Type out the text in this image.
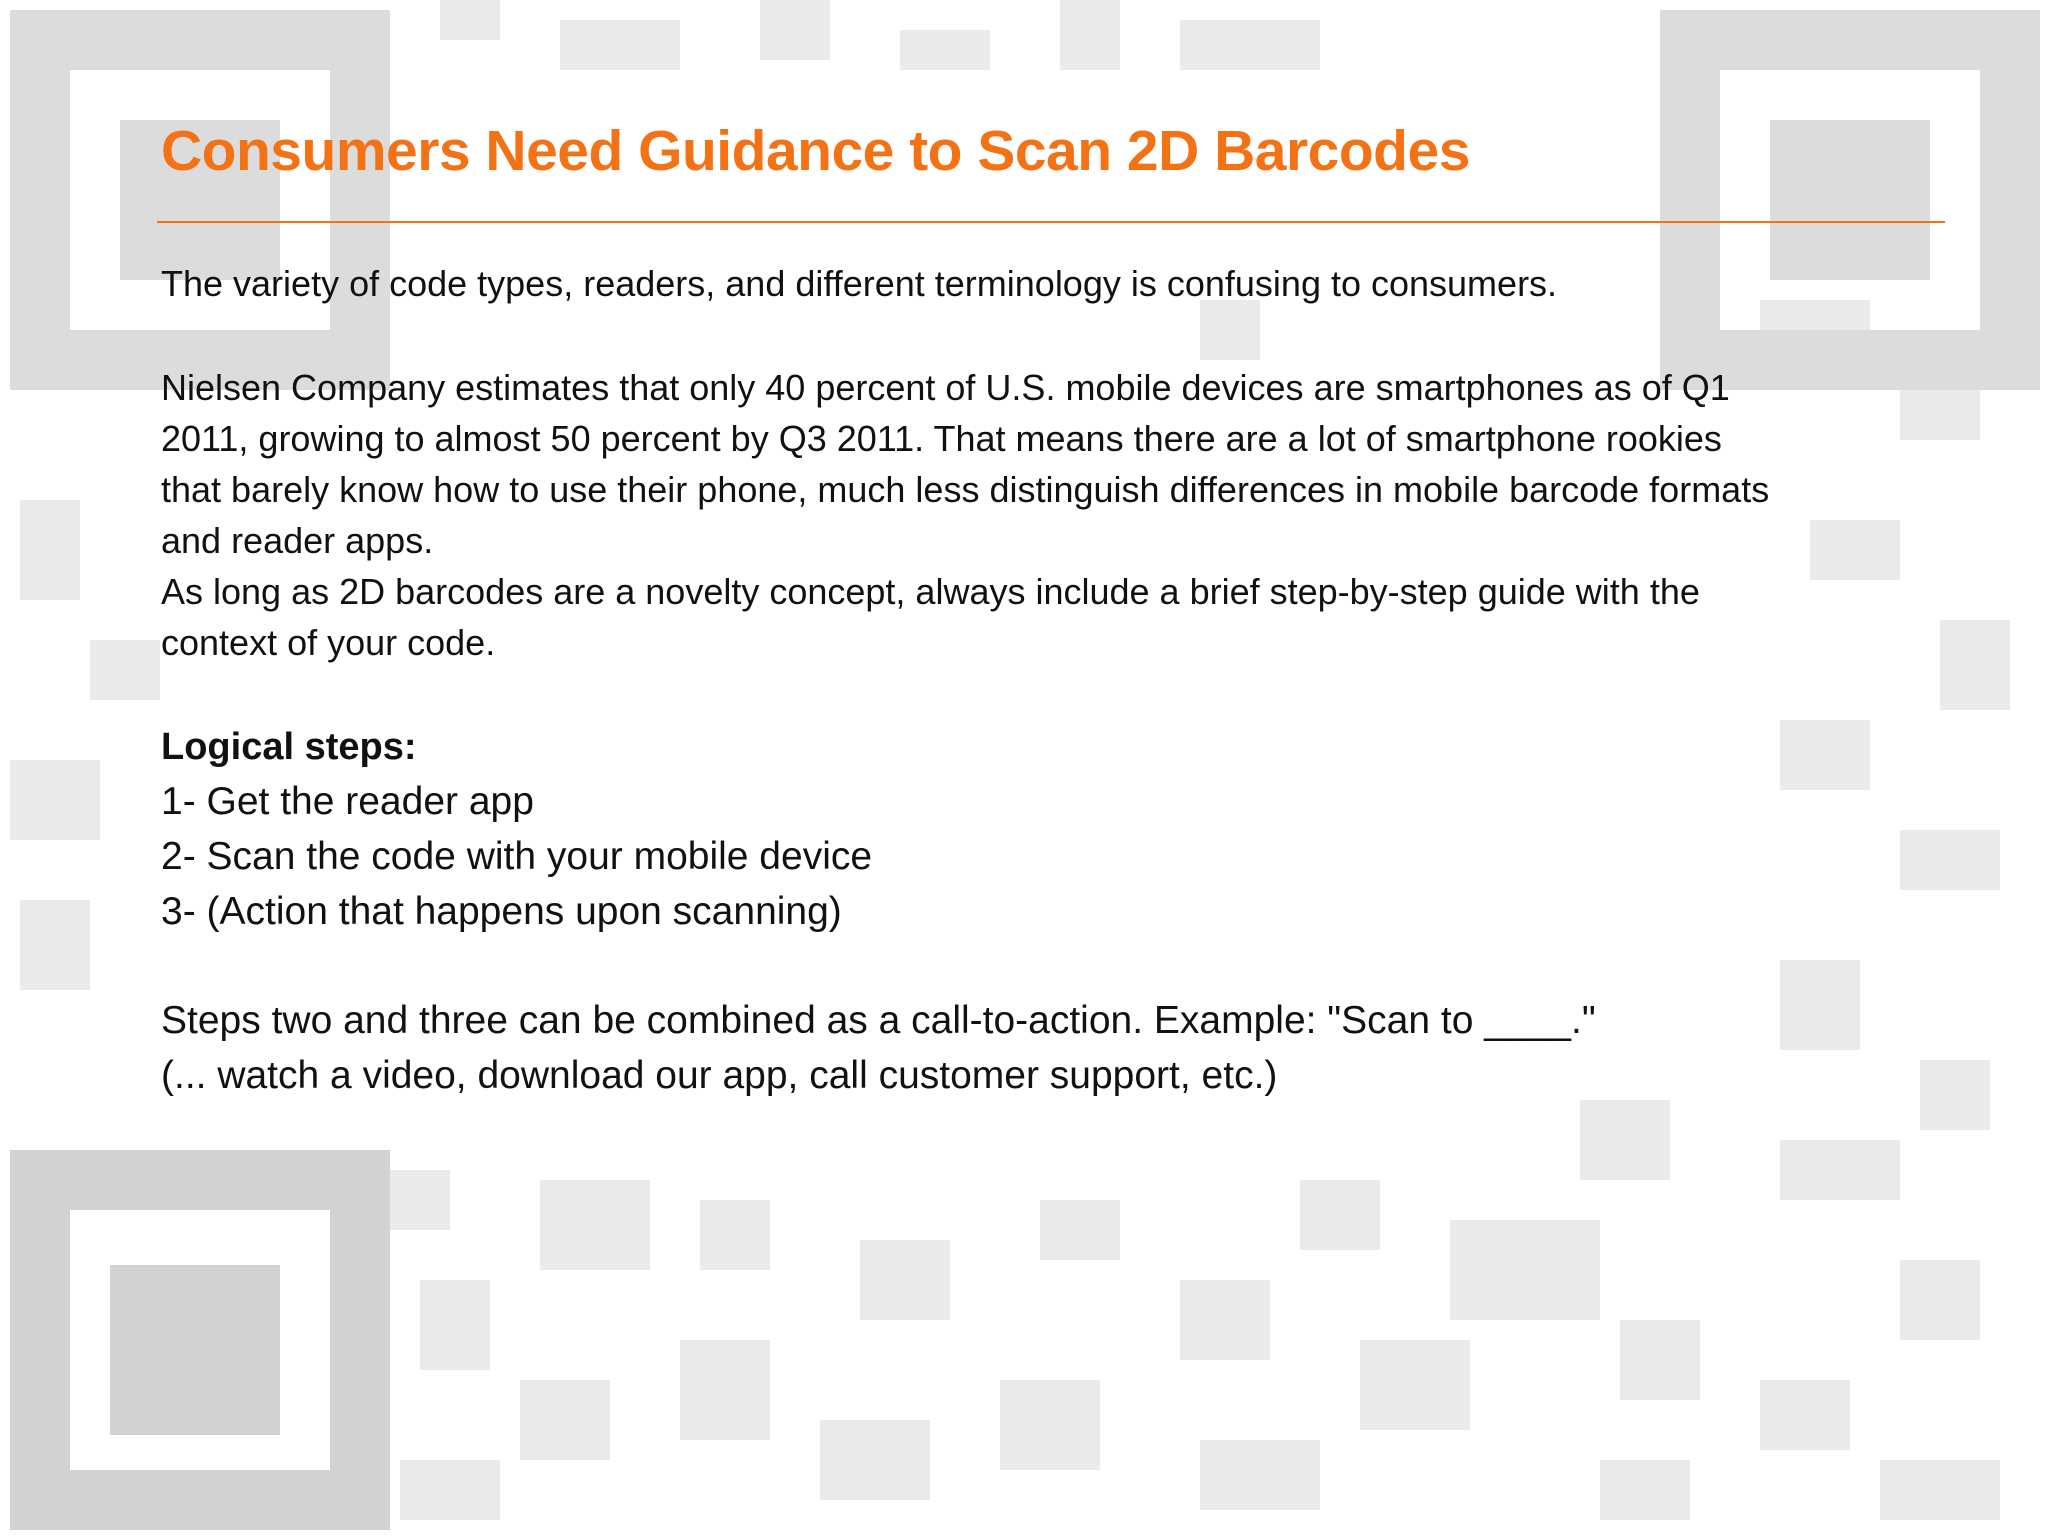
Consumers Need Guidance to Scan 2D Barcodes

The variety of code types, readers, and different terminology is confusing to consumers.

Nielsen Company estimates that only 40 percent of U.S. mobile devices are smartphones as of Q1
2011, growing to almost 50 percent by Q3 2011. That means there are a lot of smartphone rookies
that barely know how to use their phone, much less distinguish differences in mobile barcode formats
and reader apps.
As long as 2D barcodes are a novelty concept, always include a brief step-by-step guide with the
context of your code.

Logical steps:

1- Get the reader app
2- Scan the code with your mobile device
3- (Action that happens upon scanning)

Steps two and three can be combined as a call-to-action. Example: "Scan to ____."
(... watch a video, download our app, call customer support, etc.)
